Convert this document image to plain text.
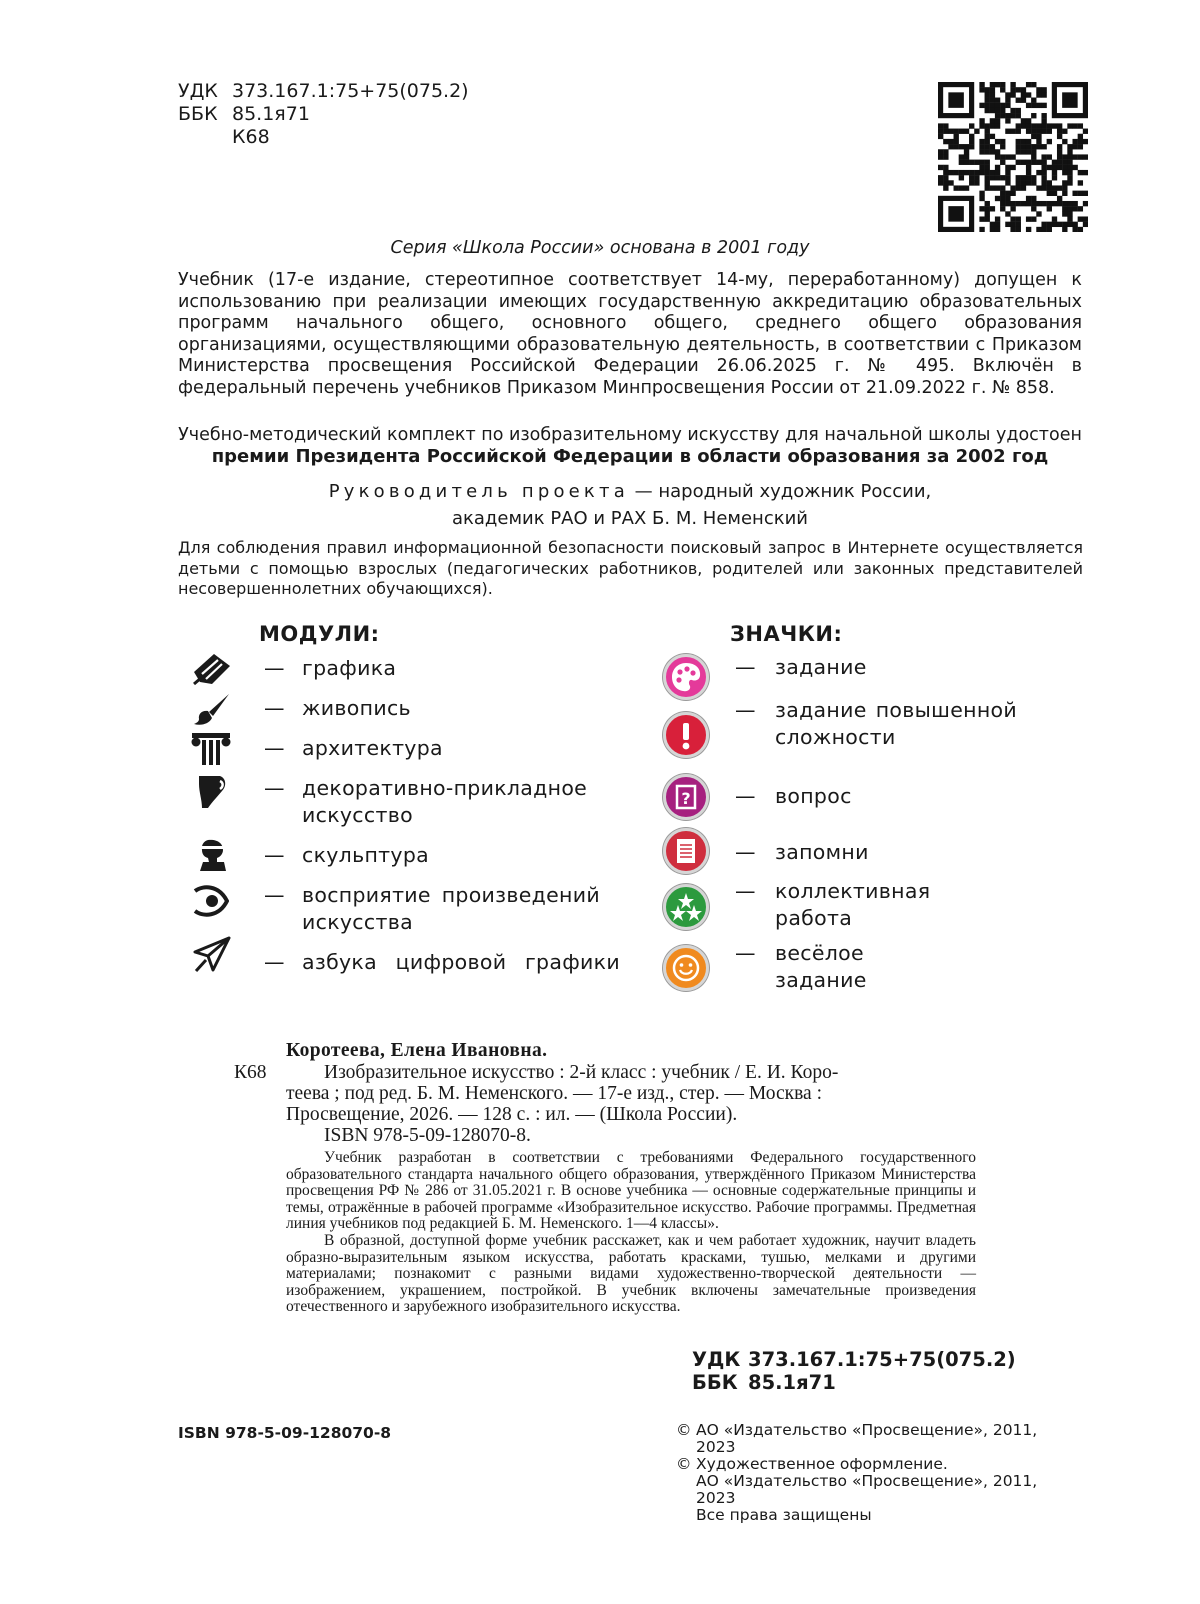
УДК 373.167.1:75+75(075.2)
ББК 85.1я71
К68
Серия «Школа России» основана в 2001 году
Учебник (17-е издание, стереотипное соответствует 14-му, переработанному) допущен к использованию при реализации имеющих государственную аккредитацию образовательных программ начального общего, основного общего, среднего общего образования организациями, осуществляющими образовательную деятельность, в соответствии с Приказом Министерства просвещения Российской Федерации 26.06.2025 г. № 495. Включён в федеральный перечень учебников Приказом Минпросвещения России от 21.09.2022 г. № 858.
Учебно-методический комплект по изобразительному искусству для начальной школы удостоен
премии Президента Российской Федерации в области образования за 2002 год
Руководитель проекта — народный художник России,
академик РАО и РАХ Б. М. Неменский
Для соблюдения правил информационной безопасности поисковый запрос в Интернете осуществляется детьми с помощью взрослых (педагогических работников, родителей или законных представителей несовершеннолетних обучающихся).
МОДУЛИ:
— графика
— живопись
— архитектура
— декоративно-прикладное
искусство
— скульптура
— восприятие произведений
искусства
— азбука цифровой графики
ЗНАЧКИ:
?
— задание
— задание повышенной
сложности
— вопрос
— запомни
— коллективная
работа
— весёлое
задание
Коротеева, Елена Ивановна.
К68	Изобразительное искусство : 2-й класс : учебник / Е. И. Коро-
теева ; под ред. Б. М. Неменского. — 17-е изд., стер. — Москва :
Просвещение, 2026. — 128 с. : ил. — (Школа России).
ISBN 978-5-09-128070-8.

Учебник разработан в соответствии с требованиями Федерального государственного образовательного стандарта начального общего образования, утверждённого Приказом Министерства просвещения РФ № 286 от 31.05.2021 г. В основе учебника — основные содержательные принципы и темы, отражённые в рабочей программе «Изобразительное искусство. Рабочие программы. Предметная линия учебников под редакцией Б. М. Неменского. 1—4 классы».

В образной, доступной форме учебник расскажет, как и чем работает художник, научит владеть образно-выразительным языком искусства, работать красками, тушью, мелками и другими материалами; познакомит с разными видами художественно-творческой деятельности — изображением, украшением, постройкой. В учебник включены замечательные произведения отечественного и зарубежного изобразительного искусства.

УДК 373.167.1:75+75(075.2)
ББК 85.1я71
ISBN 978-5-09-128070-8	© АО «Издательство «Просвещение», 2011, 2023
© Художественное оформление.
АО «Издательство «Просвещение», 2011, 2023
Все права защищены
